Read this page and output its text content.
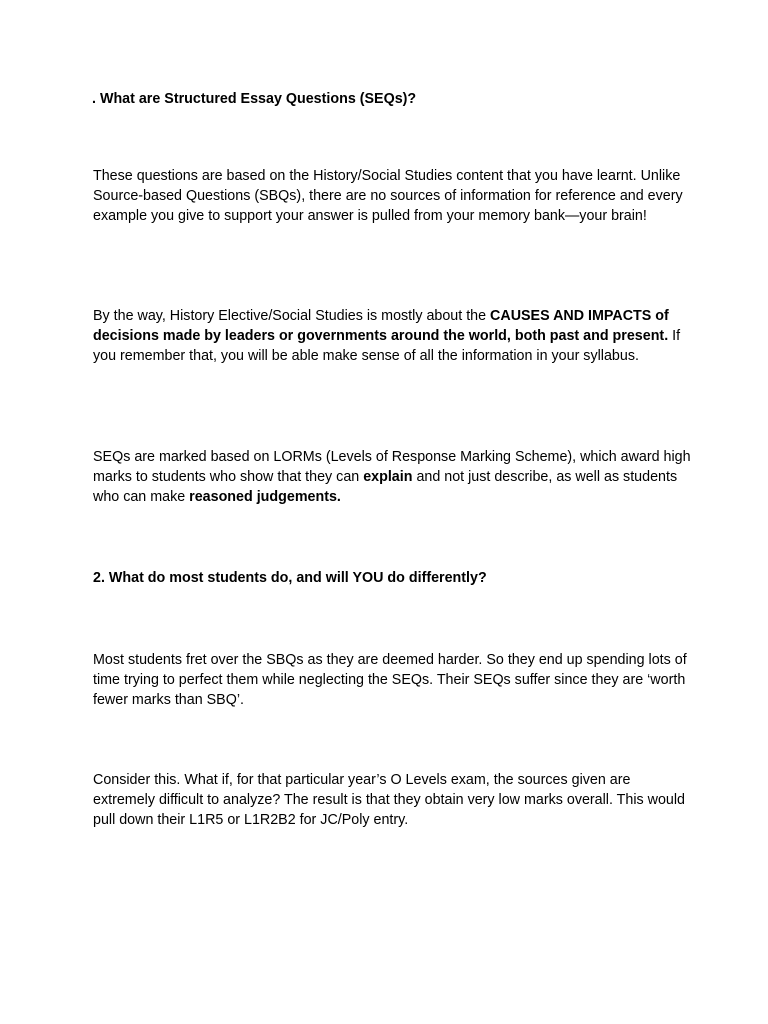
. What are Structured Essay Questions (SEQs)?

These questions are based on the History/Social Studies content that you have learnt. Unlike Source-based Questions (SBQs), there are no sources of information for reference and every example you give to support your answer is pulled from your memory bank—your brain!

By the way, History Elective/Social Studies is mostly about the CAUSES AND IMPACTS of decisions made by leaders or governments around the world, both past and present. If you remember that, you will be able make sense of all the information in your syllabus.

SEQs are marked based on LORMs (Levels of Response Marking Scheme), which award high marks to students who show that they can explain and not just describe, as well as students who can make reasoned judgements.

2. What do most students do, and will YOU do differently?

Most students fret over the SBQs as they are deemed harder. So they end up spending lots of time trying to perfect them while neglecting the SEQs. Their SEQs suffer since they are ‘worth fewer marks than SBQ’.

Consider this. What if, for that particular year’s O Levels exam, the sources given are extremely difficult to analyze? The result is that they obtain very low marks overall. This would pull down their L1R5 or L1R2B2 for JC/Poly entry.
